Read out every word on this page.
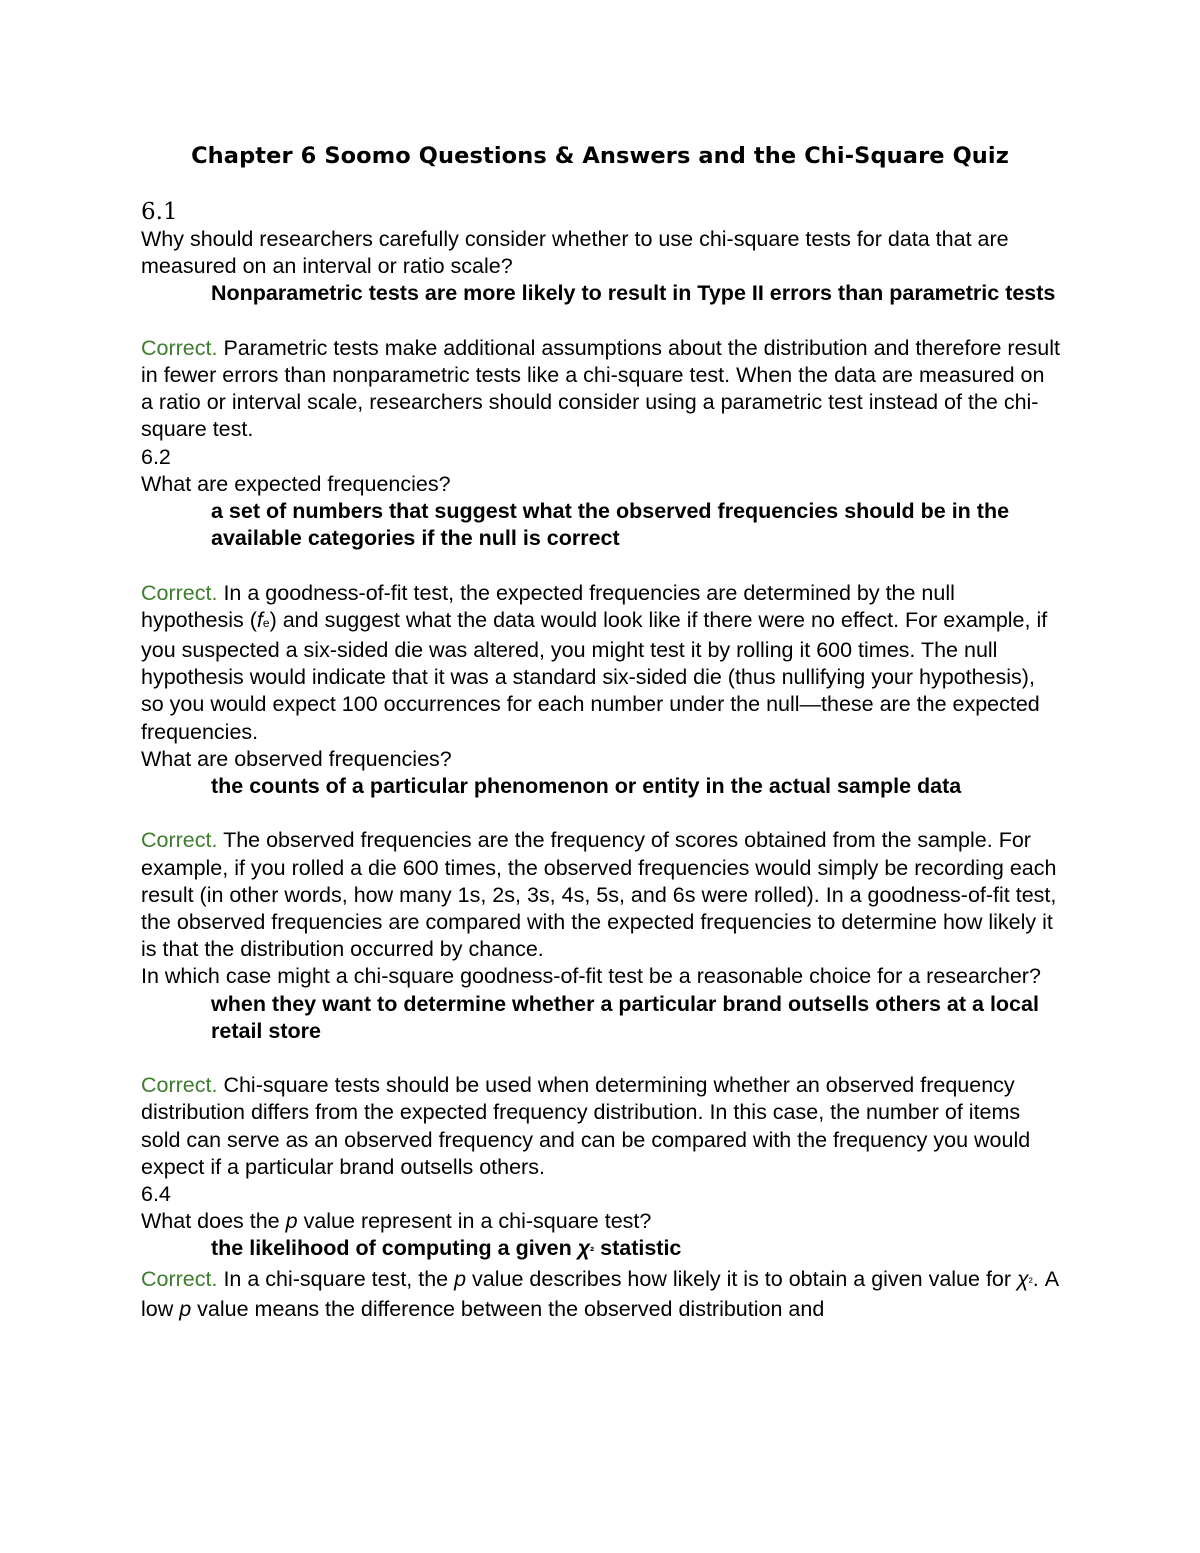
Chapter 6 Soomo Questions & Answers and the Chi-Square Quiz

6.1

Why should researchers carefully consider whether to use chi-square tests for data that are measured on an interval or ratio scale?

Nonparametric tests are more likely to result in Type II errors than parametric tests

Correct. Parametric tests make additional assumptions about the distribution and therefore result in fewer errors than nonparametric tests like a chi-square test. When the data are measured on a ratio or interval scale, researchers should consider using a parametric test instead of the chi-square test.

6.2

What are expected frequencies?

a set of numbers that suggest what the observed frequencies should be in the available categories if the null is correct

Correct. In a goodness-of-fit test, the expected frequencies are determined by the null hypothesis (fe) and suggest what the data would look like if there were no effect. For example, if you suspected a six-sided die was altered, you might test it by rolling it 600 times. The null hypothesis would indicate that it was a standard six-sided die (thus nullifying your hypothesis), so you would expect 100 occurrences for each number under the null—these are the expected frequencies.

What are observed frequencies?

the counts of a particular phenomenon or entity in the actual sample data

Correct. The observed frequencies are the frequency of scores obtained from the sample. For example, if you rolled a die 600 times, the observed frequencies would simply be recording each result (in other words, how many 1s, 2s, 3s, 4s, 5s, and 6s were rolled). In a goodness-of-fit test, the observed frequencies are compared with the expected frequencies to determine how likely it is that the distribution occurred by chance.

In which case might a chi-square goodness-of-fit test be a reasonable choice for a researcher?

when they want to determine whether a particular brand outsells others at a local retail store

Correct. Chi-square tests should be used when determining whether an observed frequency distribution differs from the expected frequency distribution. In this case, the number of items sold can serve as an observed frequency and can be compared with the frequency you would expect if a particular brand outsells others.

6.4

What does the p value represent in a chi-square test?

the likelihood of computing a given χ² statistic

Correct. In a chi-square test, the p value describes how likely it is to obtain a given value for χ². A low p value means the difference between the observed distribution and
